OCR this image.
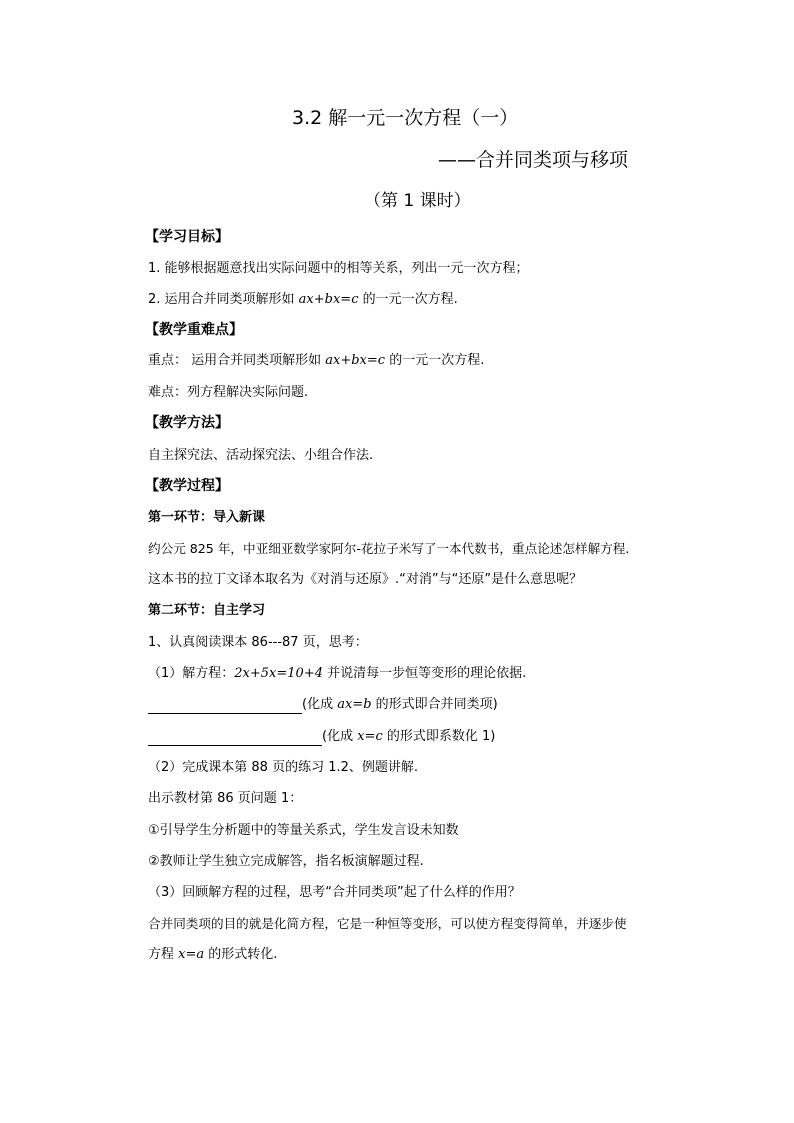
3.2 解一元一次方程（一）
——合并同类项与移项
（第 1 课时）
【学习目标】
1. 能够根据题意找出实际问题中的相等关系，列出一元一次方程；
2. 运用合并同类项解形如 ax+bx=c 的一元一次方程.
【教学重难点】
重点： 运用合并同类项解形如 ax+bx=c 的一元一次方程.
难点：列方程解决实际问题.
【教学方法】
自主探究法、活动探究法、小组合作法.
【教学过程】
第一环节：导入新课
约公元 825 年，中亚细亚数学家阿尔-花拉子米写了一本代数书，重点论述怎样解方程.
这本书的拉丁文译本取名为《对消与还原》.“对消”与“还原”是什么意思呢？
第二环节：自主学习
1、认真阅读课本 86---87 页，思考：
（1）解方程：2x+5x=10+4 并说清每一步恒等变形的理论依据.
(化成 ax=b 的形式即合并同类项)
(化成 x=c 的形式即系数化 1)
（2）完成课本第 88 页的练习 1.2、例题讲解.
出示教材第 86 页问题 1：
①引导学生分析题中的等量关系式，学生发言设未知数
②教师让学生独立完成解答，指名板演解题过程.
（3）回顾解方程的过程，思考“合并同类项”起了什么样的作用？
合并同类项的目的就是化简方程，它是一种恒等变形，可以使方程变得简单，并逐步使
方程 x=a 的形式转化.
